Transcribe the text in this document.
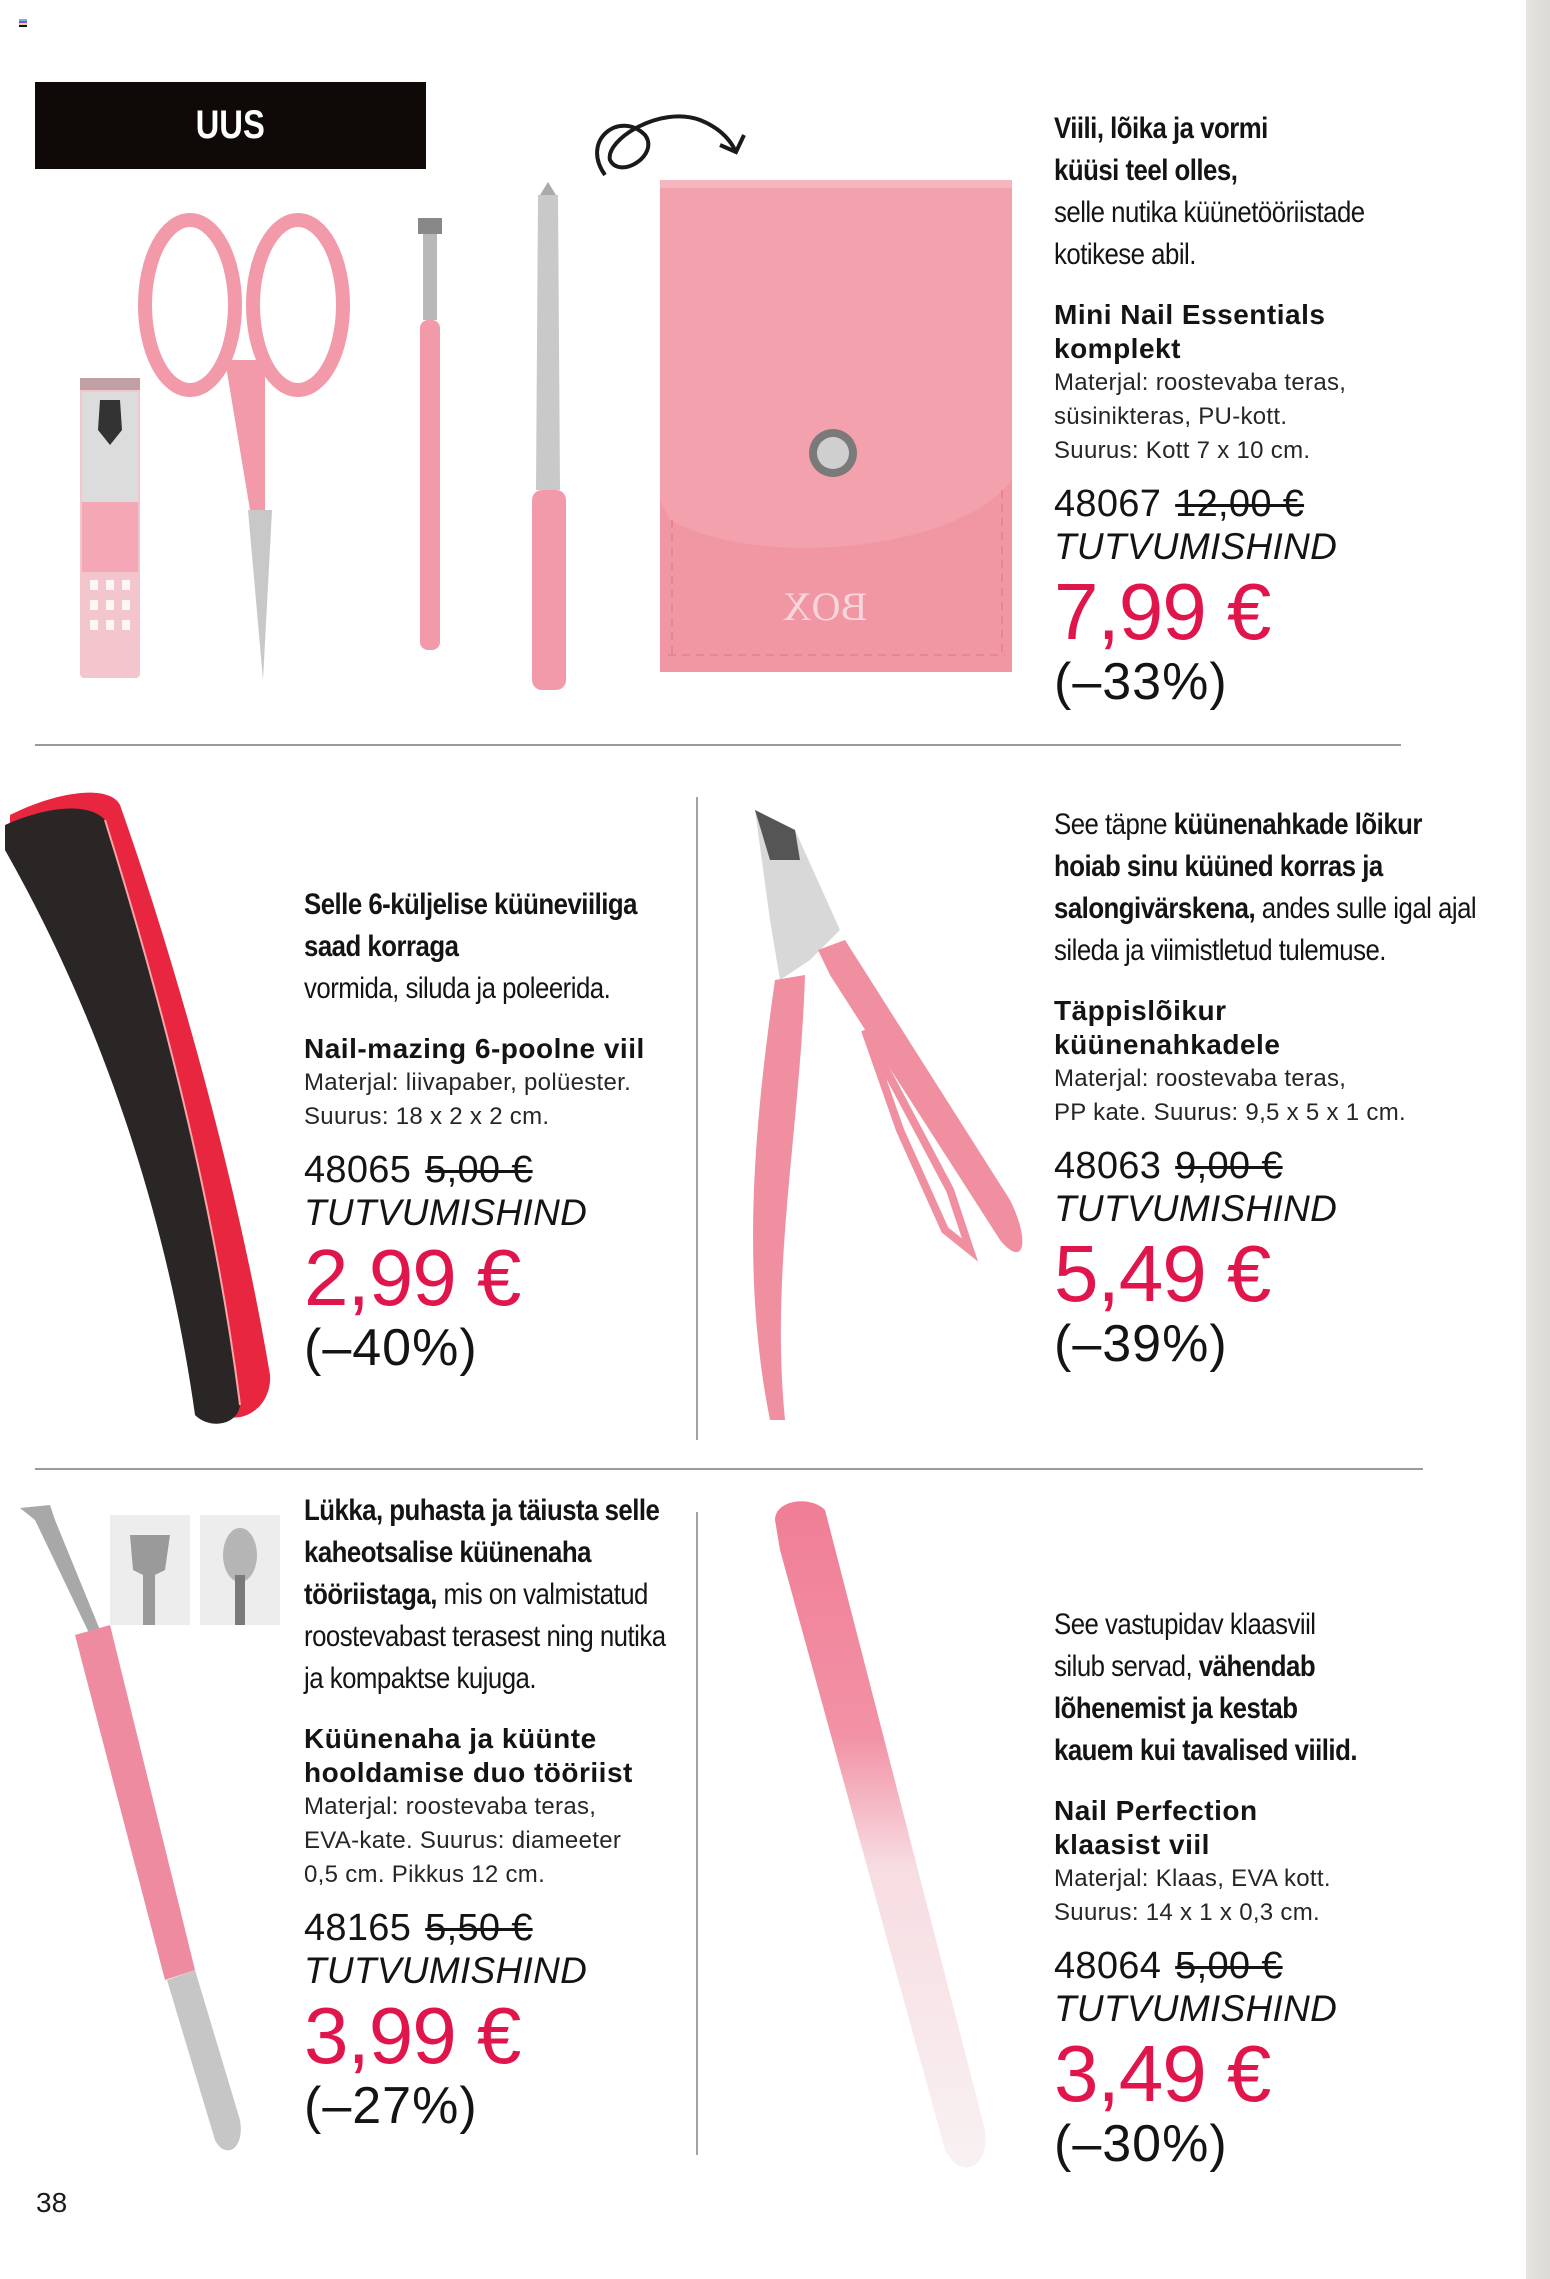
UUS
BOX
Viili, lõika ja vormi küüsi teel olles,
selle nutika küünetööriistade kotikese abil.
Mini Nail Essentials komplekt
Materjal: roostevaba teras,
süsinikteras, PU-kott.
Suurus: Kott 7 x 10 cm.
48067 12,00 €
TUTVUMISHIND
7,99 €
(–33%)
Selle 6-küljelise küüneviiliga saad korraga
vormida, siluda ja poleerida.
Nail-mazing 6-poolne viil
Materjal: liivapaber, polüester.
Suurus: 18 x 2 x 2 cm.
48065 5,00 €
TUTVUMISHIND
2,99 €
(–40%)
See täpne küünenahkade lõikur hoiab sinu küüned korras ja salongivärskena, andes sulle igal ajal sileda ja viimistletud tulemuse.
Täppislõikur küünenahkadele
Materjal: roostevaba teras,
PP kate. Suurus: 9,5 x 5 x 1 cm.
48063 9,00 €
TUTVUMISHIND
5,49 €
(–39%)
Lükka, puhasta ja täiusta selle kaheotsalise küünenaha tööriistaga, mis on valmistatud roostevabast terasest ning nutika ja kompaktse kujuga.
Küünenaha ja küünte hooldamise duo tööriist
Materjal: roostevaba teras,
EVA-kate. Suurus: diameeter
0,5 cm. Pikkus 12 cm.
48165 5,50 €
TUTVUMISHIND
3,99 €
(–27%)
See vastupidav klaasviil silub servad, vähendab lõhenemist ja kestab kauem kui tavalised viilid.
Nail Perfection klaasist viil
Materjal: Klaas, EVA kott.
Suurus: 14 x 1 x 0,3 cm.
48064 5,00 €
TUTVUMISHIND
3,49 €
(–30%)
38
